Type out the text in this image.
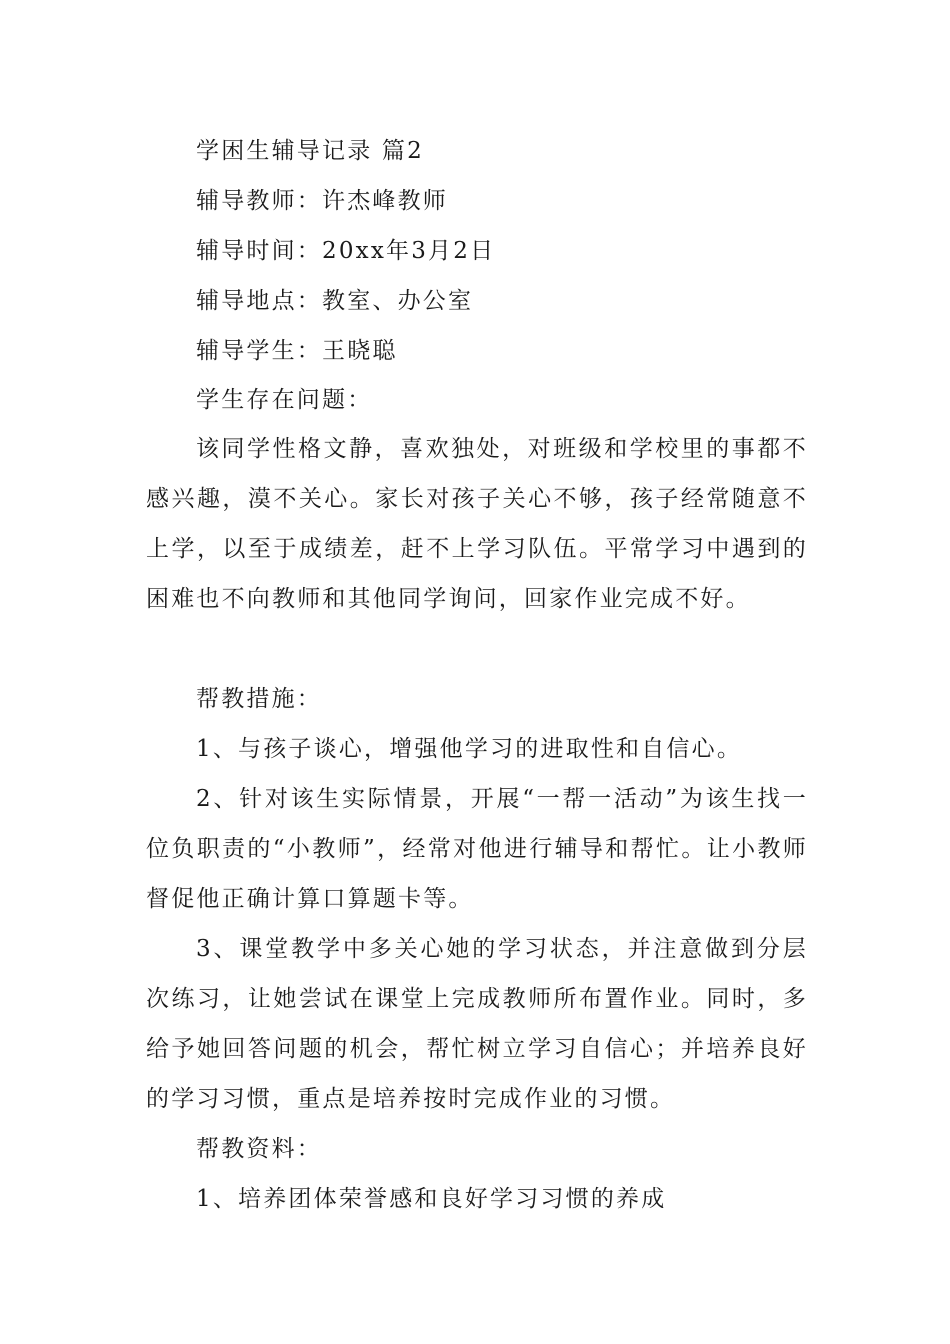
学困生辅导记录 篇2
辅导教师：许杰峰教师
辅导时间：20xx年3月2日
辅导地点：教室、办公室
辅导学生：王晓聪
学生存在问题：
该同学性格文静，喜欢独处，对班级和学校里的事都不感兴趣，漠不关心。家长对孩子关心不够，孩子经常随意不上学，以至于成绩差，赶不上学习队伍。平常学习中遇到的困难也不向教师和其他同学询问，回家作业完成不好。
帮教措施：
1、与孩子谈心，增强他学习的进取性和自信心。
2、针对该生实际情景，开展“一帮一活动”为该生找一位负职责的“小教师”，经常对他进行辅导和帮忙。让小教师督促他正确计算口算题卡等。
3、课堂教学中多关心她的学习状态，并注意做到分层次练习，让她尝试在课堂上完成教师所布置作业。同时，多给予她回答问题的机会，帮忙树立学习自信心；并培养良好的学习习惯，重点是培养按时完成作业的习惯。
帮教资料：
1、培养团体荣誉感和良好学习习惯的养成
